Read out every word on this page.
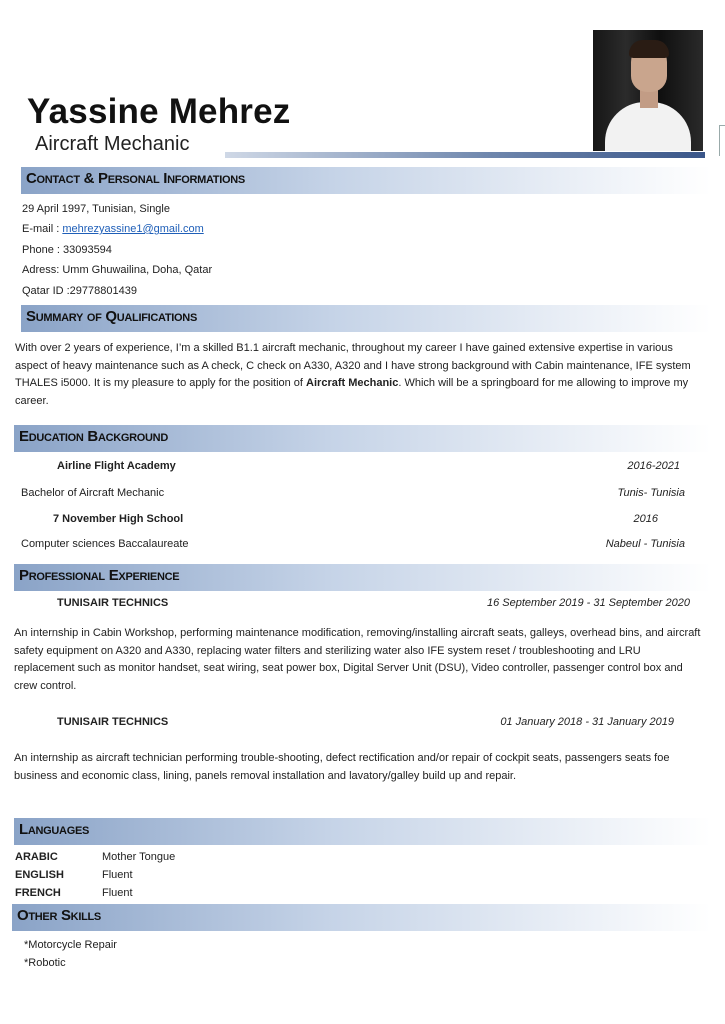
Yassine Mehrez
Aircraft Mechanic
Contact & Personal Informations
29 April 1997, Tunisian, Single
E-mail : mehrezyassine1@gmail.com
Phone : 33093594
Adress: Umm Ghuwailina, Doha, Qatar
Qatar ID :29778801439
Summary of Qualifications
With over 2 years of experience, I’m a skilled B1.1 aircraft mechanic, throughout my career I have gained extensive expertise in various aspect of heavy maintenance such as A check, C check on A330, A320 and I have strong background with Cabin maintenance, IFE system THALES i5000. It is my pleasure to apply for the position of Aircraft Mechanic. Which will be a springboard for me allowing to improve my career.
Education Background
Airline Flight Academy	2016-2021
Bachelor of Aircraft Mechanic	Tunis- Tunisia
7 November High School	2016
Computer sciences Baccalaureate	Nabeul - Tunisia
Professional Experience
TUNISAIR TECHNICS	16 September 2019 - 31 September 2020
An internship in Cabin Workshop, performing maintenance modification, removing/installing aircraft seats, galleys, overhead bins, and aircraft safety equipment on A320 and A330, replacing water filters and sterilizing water also IFE system reset / troubleshooting and LRU replacement such as monitor handset, seat wiring, seat power box, Digital Server Unit (DSU), Video controller, passenger control box and crew control.
TUNISAIR TECHNICS	01 January 2018 - 31 January 2019
An internship as aircraft technician performing trouble-shooting, defect rectification and/or repair of cockpit seats, passengers seats foe business and economic class, lining, panels removal installation and lavatory/galley build up and repair.
Languages
ARABIC	Mother Tongue
ENGLISH	Fluent
FRENCH	Fluent
Other Skills
*Motorcycle Repair
*Robotic
